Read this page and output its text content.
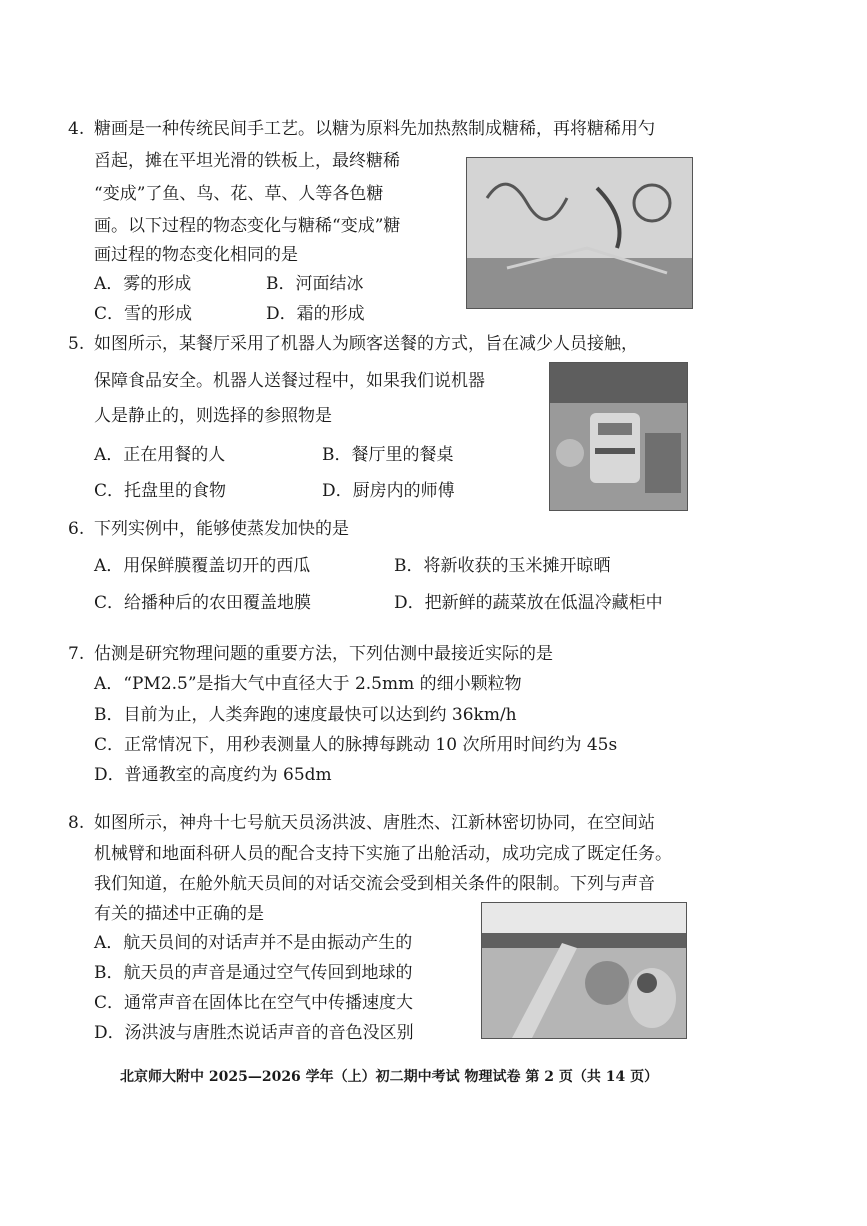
4. 糖画是一种传统民间手工艺。以糖为原料先加热熬制成糖稀，再将糖稀用勺
舀起，摊在平坦光滑的铁板上，最终糖稀
“变成”了鱼、鸟、花、草、人等各色糖
画。以下过程的物态变化与糖稀“变成”糖
画过程的物态变化相同的是
A．雾的形成	B．河面结冰
C．雪的形成	D．霜的形成
5. 如图所示，某餐厅采用了机器人为顾客送餐的方式，旨在减少人员接触，
保障食品安全。机器人送餐过程中，如果我们说机器
人是静止的，则选择的参照物是
A．正在用餐的人	B．餐厅里的餐桌
C．托盘里的食物	D．厨房内的师傅
6. 下列实例中，能够使蒸发加快的是
A．用保鲜膜覆盖切开的西瓜	B．将新收获的玉米摊开晾晒
C．给播种后的农田覆盖地膜	D．把新鲜的蔬菜放在低温冷藏柜中
7. 估测是研究物理问题的重要方法，下列估测中最接近实际的是
A．“PM2.5”是指大气中直径大于 2.5mm 的细小颗粒物
B．目前为止，人类奔跑的速度最快可以达到约 36km/h
C．正常情况下，用秒表测量人的脉搏每跳动 10 次所用时间约为 45s
D．普通教室的高度约为 65dm
8. 如图所示，神舟十七号航天员汤洪波、唐胜杰、江新林密切协同，在空间站
机械臂和地面科研人员的配合支持下实施了出舱活动，成功完成了既定任务。
我们知道，在舱外航天员间的对话交流会受到相关条件的限制。下列与声音
有关的描述中正确的是
A．航天员间的对话声并不是由振动产生的
B．航天员的声音是通过空气传回到地球的
C．通常声音在固体比在空气中传播速度大
D．汤洪波与唐胜杰说话声音的音色没区别
北京师大附中 2025—2026 学年（上）初二期中考试 物理试卷 第 2 页（共 14 页）
